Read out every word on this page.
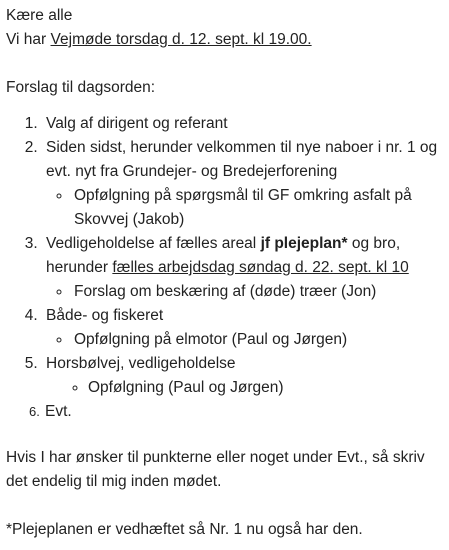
Kære alle

Vi har Vejmøde torsdag d. 12. sept. kl 19.00.

Forslag til dagsorden:

1. Valg af dirigent og referant
2. Siden sidst, herunder velkommen til nye naboer i nr. 1 og evt. nyt fra Grundejer- og Bredejerforening
◦ Opfølgning på spørgsmål til GF omkring asfalt på Skovvej (Jakob)
3. Vedligeholdelse af fælles areal jf plejeplan* og bro, herunder fælles arbejdsdag søndag d. 22. sept. kl 10
◦ Forslag om beskæring af (døde) træer (Jon)
4. Både- og fiskeret
◦ Opfølgning på elmotor (Paul og Jørgen)
5. Horsbølvej, vedligeholdelse
◦ Opfølgning (Paul og Jørgen)
6. Evt.

Hvis I har ønsker til punkterne eller noget under Evt., så skriv det endelig til mig inden mødet.

*Plejeplanen er vedhæftet så Nr. 1 nu også har den.
